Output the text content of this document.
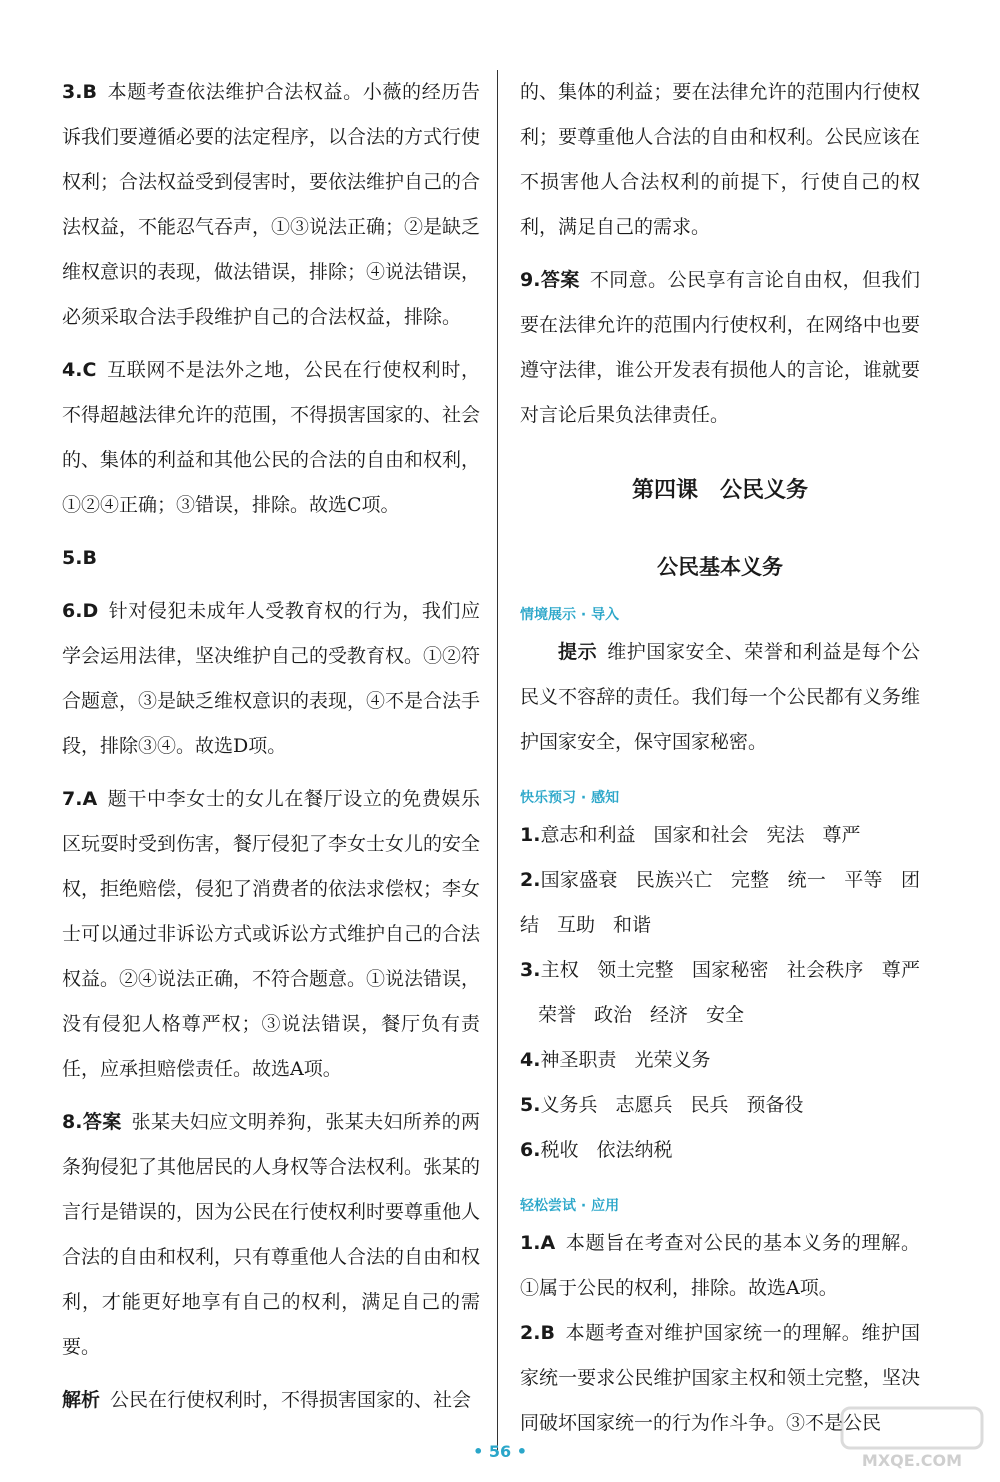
3.B 本题考查依法维护合法权益。小薇的经历告诉我们要遵循必要的法定程序，以合法的方式行使权利；合法权益受到侵害时，要依法维护自己的合法权益，不能忍气吞声，①③说法正确；②是缺乏维权意识的表现，做法错误，排除；④说法错误，必须采取合法手段维护自己的合法权益，排除。

4.C 互联网不是法外之地，公民在行使权利时，不得超越法律允许的范围，不得损害国家的、社会的、集体的利益和其他公民的合法的自由和权利，①②④正确；③错误，排除。故选C项。

5.B

6.D 针对侵犯未成年人受教育权的行为，我们应学会运用法律，坚决维护自己的受教育权。①②符合题意，③是缺乏维权意识的表现，④不是合法手段，排除③④。故选D项。

7.A 题干中李女士的女儿在餐厅设立的免费娱乐区玩耍时受到伤害，餐厅侵犯了李女士女儿的安全权，拒绝赔偿，侵犯了消费者的依法求偿权；李女士可以通过非诉讼方式或诉讼方式维护自己的合法权益。②④说法正确，不符合题意。①说法错误，没有侵犯人格尊严权；③说法错误，餐厅负有责任，应承担赔偿责任。故选A项。

8.答案 张某夫妇应文明养狗，张某夫妇所养的两条狗侵犯了其他居民的人身权等合法权利。张某的言行是错误的，因为公民在行使权利时要尊重他人合法的自由和权利，只有尊重他人合法的自由和权利，才能更好地享有自己的权利，满足自己的需要。

解析 公民在行使权利时，不得损害国家的、社会

的、集体的利益；要在法律允许的范围内行使权利；要尊重他人合法的自由和权利。公民应该在不损害他人合法权利的前提下，行使自己的权利，满足自己的需求。

9.答案 不同意。公民享有言论自由权，但我们要在法律允许的范围内行使权利，在网络中也要遵守法律，谁公开发表有损他人的言论，谁就要对言论后果负法律责任。

第四课　公民义务
公民基本义务
情境展示 · 导入

提示 维护国家安全、荣誉和利益是每个公民义不容辞的责任。我们每一个公民都有义务维护国家安全，保守国家秘密。

快乐预习 · 感知

1.意志和利益 国家和社会 宪法 尊严

2.国家盛衰 民族兴亡 完整 统一 平等 团结 互助 和谐

3.主权 领土完整 国家秘密 社会秩序 尊严荣誉 政治 经济 安全

4.神圣职责 光荣义务

5.义务兵 志愿兵 民兵 预备役

6.税收 依法纳税

轻松尝试 · 应用

1.A 本题旨在考查对公民的基本义务的理解。①属于公民的权利，排除。故选A项。

2.B 本题考查对维护国家统一的理解。维护国家统一要求公民维护国家主权和领土完整，坚决同破坏国家统一的行为作斗争。③不是公民

• 56 •	MXQE.COM
